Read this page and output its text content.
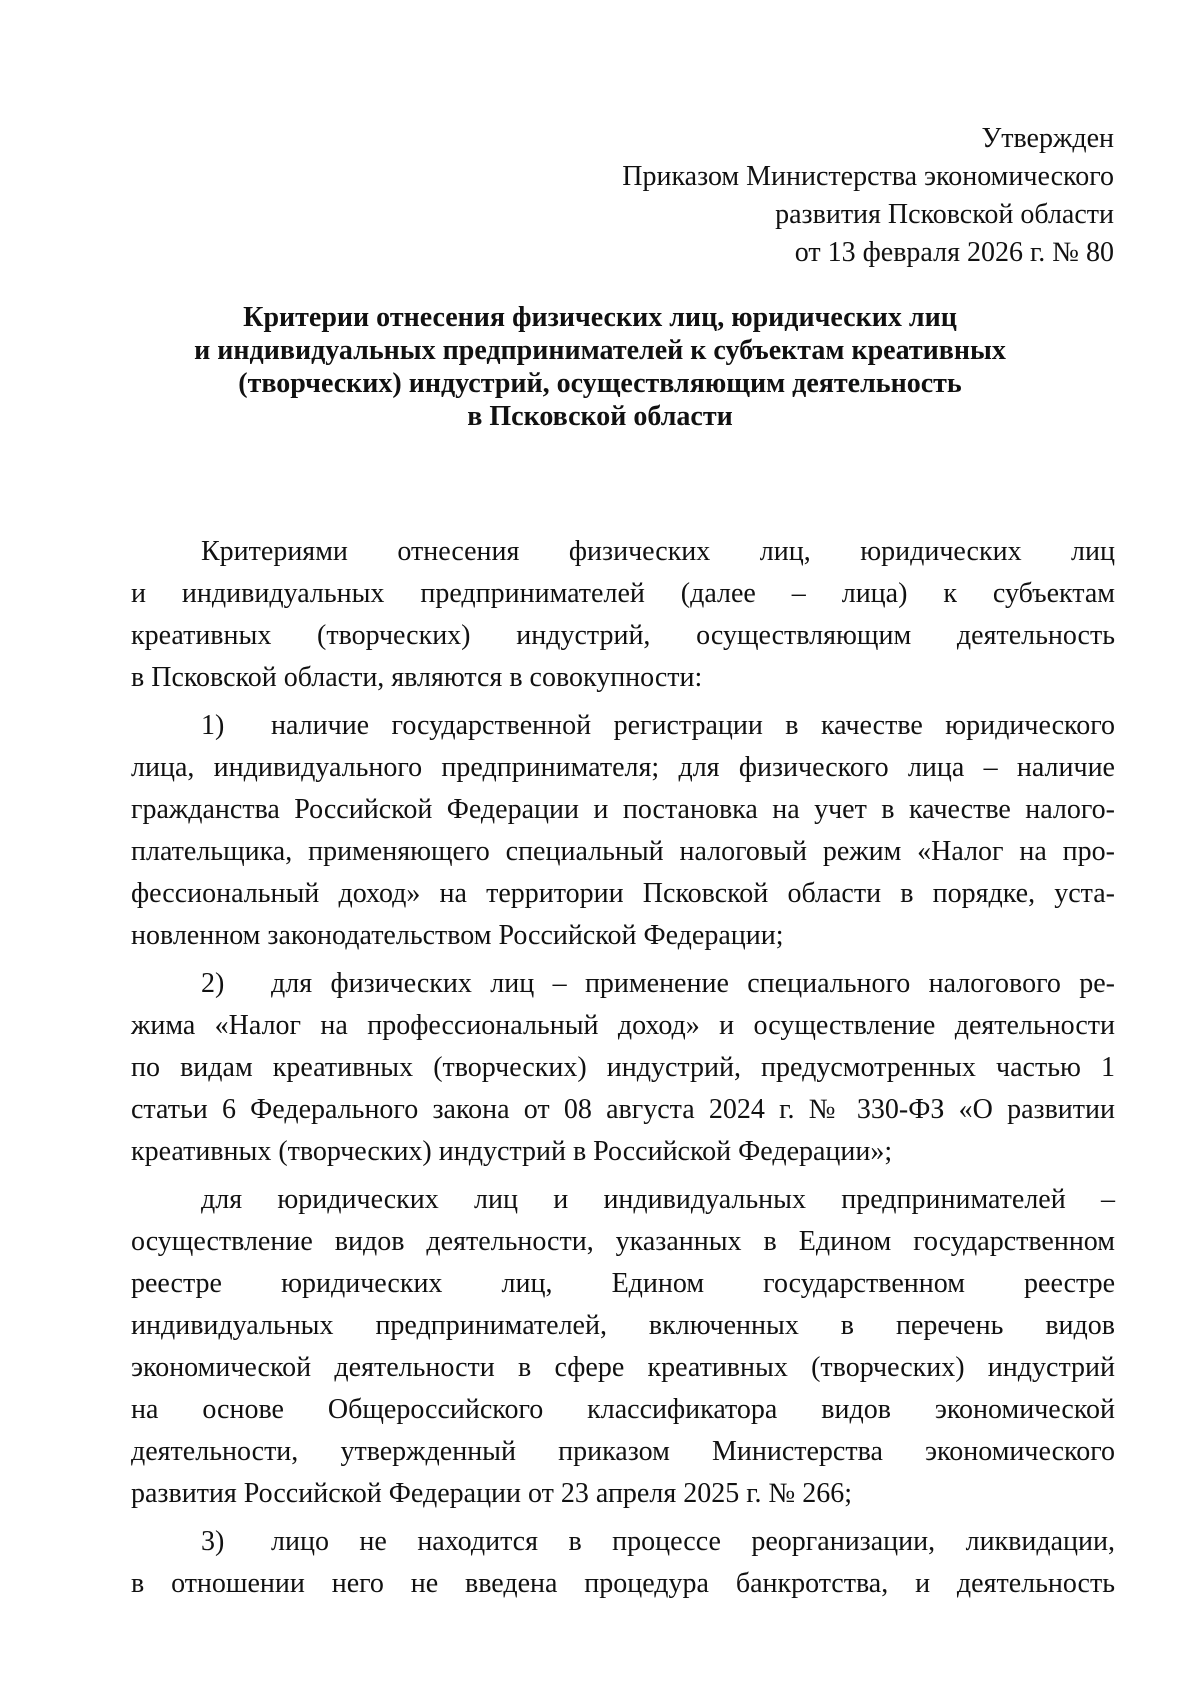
Утвержден
Приказом Министерства экономического
развития Псковской области
от 13 февраля 2026 г. № 80
Критерии отнесения физических лиц, юридических лиц
и индивидуальных предпринимателей к субъектам креативных
(творческих) индустрий, осуществляющим деятельность
в Псковской области
Критериями отнесения физических лиц, юридических лиц
и индивидуальных предпринимателей (далее – лица) к субъектам
креативных (творческих) индустрий, осуществляющим деятельность
в Псковской области, являются в совокупности:
1) наличие государственной регистрации в качестве юридического
лица, индивидуального предпринимателя; для физического лица – наличие
гражданства Российской Федерации и постановка на учет в качестве налого-
плательщика, применяющего специальный налоговый режим «Налог на про-
фессиональный доход» на территории Псковской области в порядке, уста-
новленном законодательством Российской Федерации;
2) для физических лиц – применение специального налогового ре-
жима «Налог на профессиональный доход» и осуществление деятельности
по видам креативных (творческих) индустрий, предусмотренных частью 1
статьи 6 Федерального закона от 08 августа 2024 г. № 330-ФЗ «О развитии
креативных (творческих) индустрий в Российской Федерации»;
для юридических лиц и индивидуальных предпринимателей –
осуществление видов деятельности, указанных в Едином государственном
реестре юридических лиц, Едином государственном реестре
индивидуальных предпринимателей, включенных в перечень видов
экономической деятельности в сфере креативных (творческих) индустрий
на основе Общероссийского классификатора видов экономической
деятельности, утвержденный приказом Министерства экономического
развития Российской Федерации от 23 апреля 2025 г. № 266;
3) лицо не находится в процессе реорганизации, ликвидации,
в отношении него не введена процедура банкротства, и деятельность
